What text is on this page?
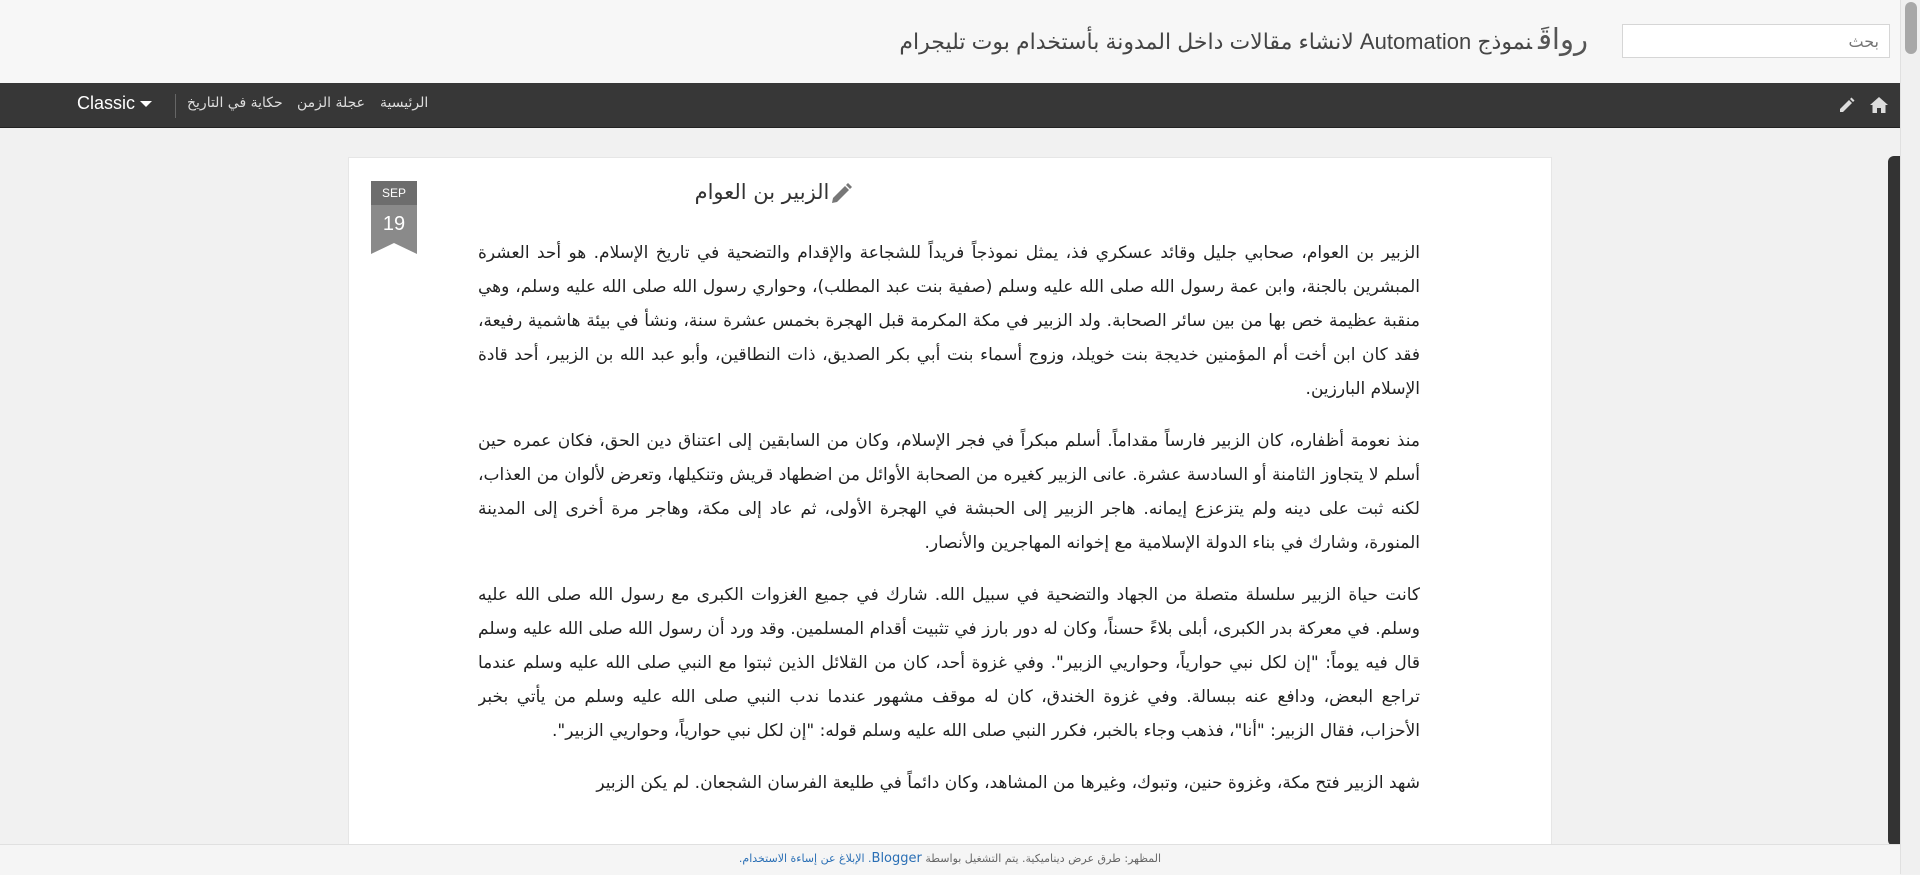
بحث
رواقَنموذج Automation لانشاء مقالات داخل المدونة بأستخدام بوت تليجرام
الرئيسية
عجلة الزمن
حكاية في التاريخ
Classic
SEP
19
الزبير بن العوام

الزبير بن العوام، صحابي جليل وقائد عسكري فذ، يمثل نموذجاً فريداً للشجاعة والإقدام والتضحية في تاريخ الإسلام. هو أحد العشرة المبشرين بالجنة، وابن عمة رسول الله صلى الله عليه وسلم (صفية بنت عبد المطلب)، وحواري رسول الله صلى الله عليه وسلم، وهي منقبة عظيمة خص بها من بين سائر الصحابة. ولد الزبير في مكة المكرمة قبل الهجرة بخمس عشرة سنة، ونشأ في بيئة هاشمية رفيعة، فقد كان ابن أخت أم المؤمنين خديجة بنت خويلد، وزوج أسماء بنت أبي بكر الصديق، ذات النطاقين، وأبو عبد الله بن الزبير، أحد قادة الإسلام البارزين.

منذ نعومة أظفاره، كان الزبير فارساً مقداماً. أسلم مبكراً في فجر الإسلام، وكان من السابقين إلى اعتناق دين الحق، فكان عمره حين أسلم لا يتجاوز الثامنة أو السادسة عشرة. عانى الزبير كغيره من الصحابة الأوائل من اضطهاد قريش وتنكيلها، وتعرض لألوان من العذاب، لكنه ثبت على دينه ولم يتزعزع إيمانه. هاجر الزبير إلى الحبشة في الهجرة الأولى، ثم عاد إلى مكة، وهاجر مرة أخرى إلى المدينة المنورة، وشارك في بناء الدولة الإسلامية مع إخوانه المهاجرين والأنصار.

كانت حياة الزبير سلسلة متصلة من الجهاد والتضحية في سبيل الله. شارك في جميع الغزوات الكبرى مع رسول الله صلى الله عليه وسلم. في معركة بدر الكبرى، أبلى بلاءً حسناً، وكان له دور بارز في تثبيت أقدام المسلمين. وقد ورد أن رسول الله صلى الله عليه وسلم قال فيه يوماً: "إن لكل نبي حوارياً، وحواريي الزبير". وفي غزوة أحد، كان من القلائل الذين ثبتوا مع النبي صلى الله عليه وسلم عندما تراجع البعض، ودافع عنه ببسالة. وفي غزوة الخندق، كان له موقف مشهور عندما ندب النبي صلى الله عليه وسلم من يأتي بخبر الأحزاب، فقال الزبير: "أنا"، فذهب وجاء بالخبر، فكرر النبي صلى الله عليه وسلم قوله: "إن لكل نبي حوارياً، وحواريي الزبير".

شهد الزبير فتح مكة، وغزوة حنين، وتبوك، وغيرها من المشاهد، وكان دائماً في طليعة الفرسان الشجعان. لم يكن الزبير

المظهر: طرق عرض ديناميكية. يتم التشغيل بواسطة Blogger. الإبلاغ عن إساءة الاستخدام.
